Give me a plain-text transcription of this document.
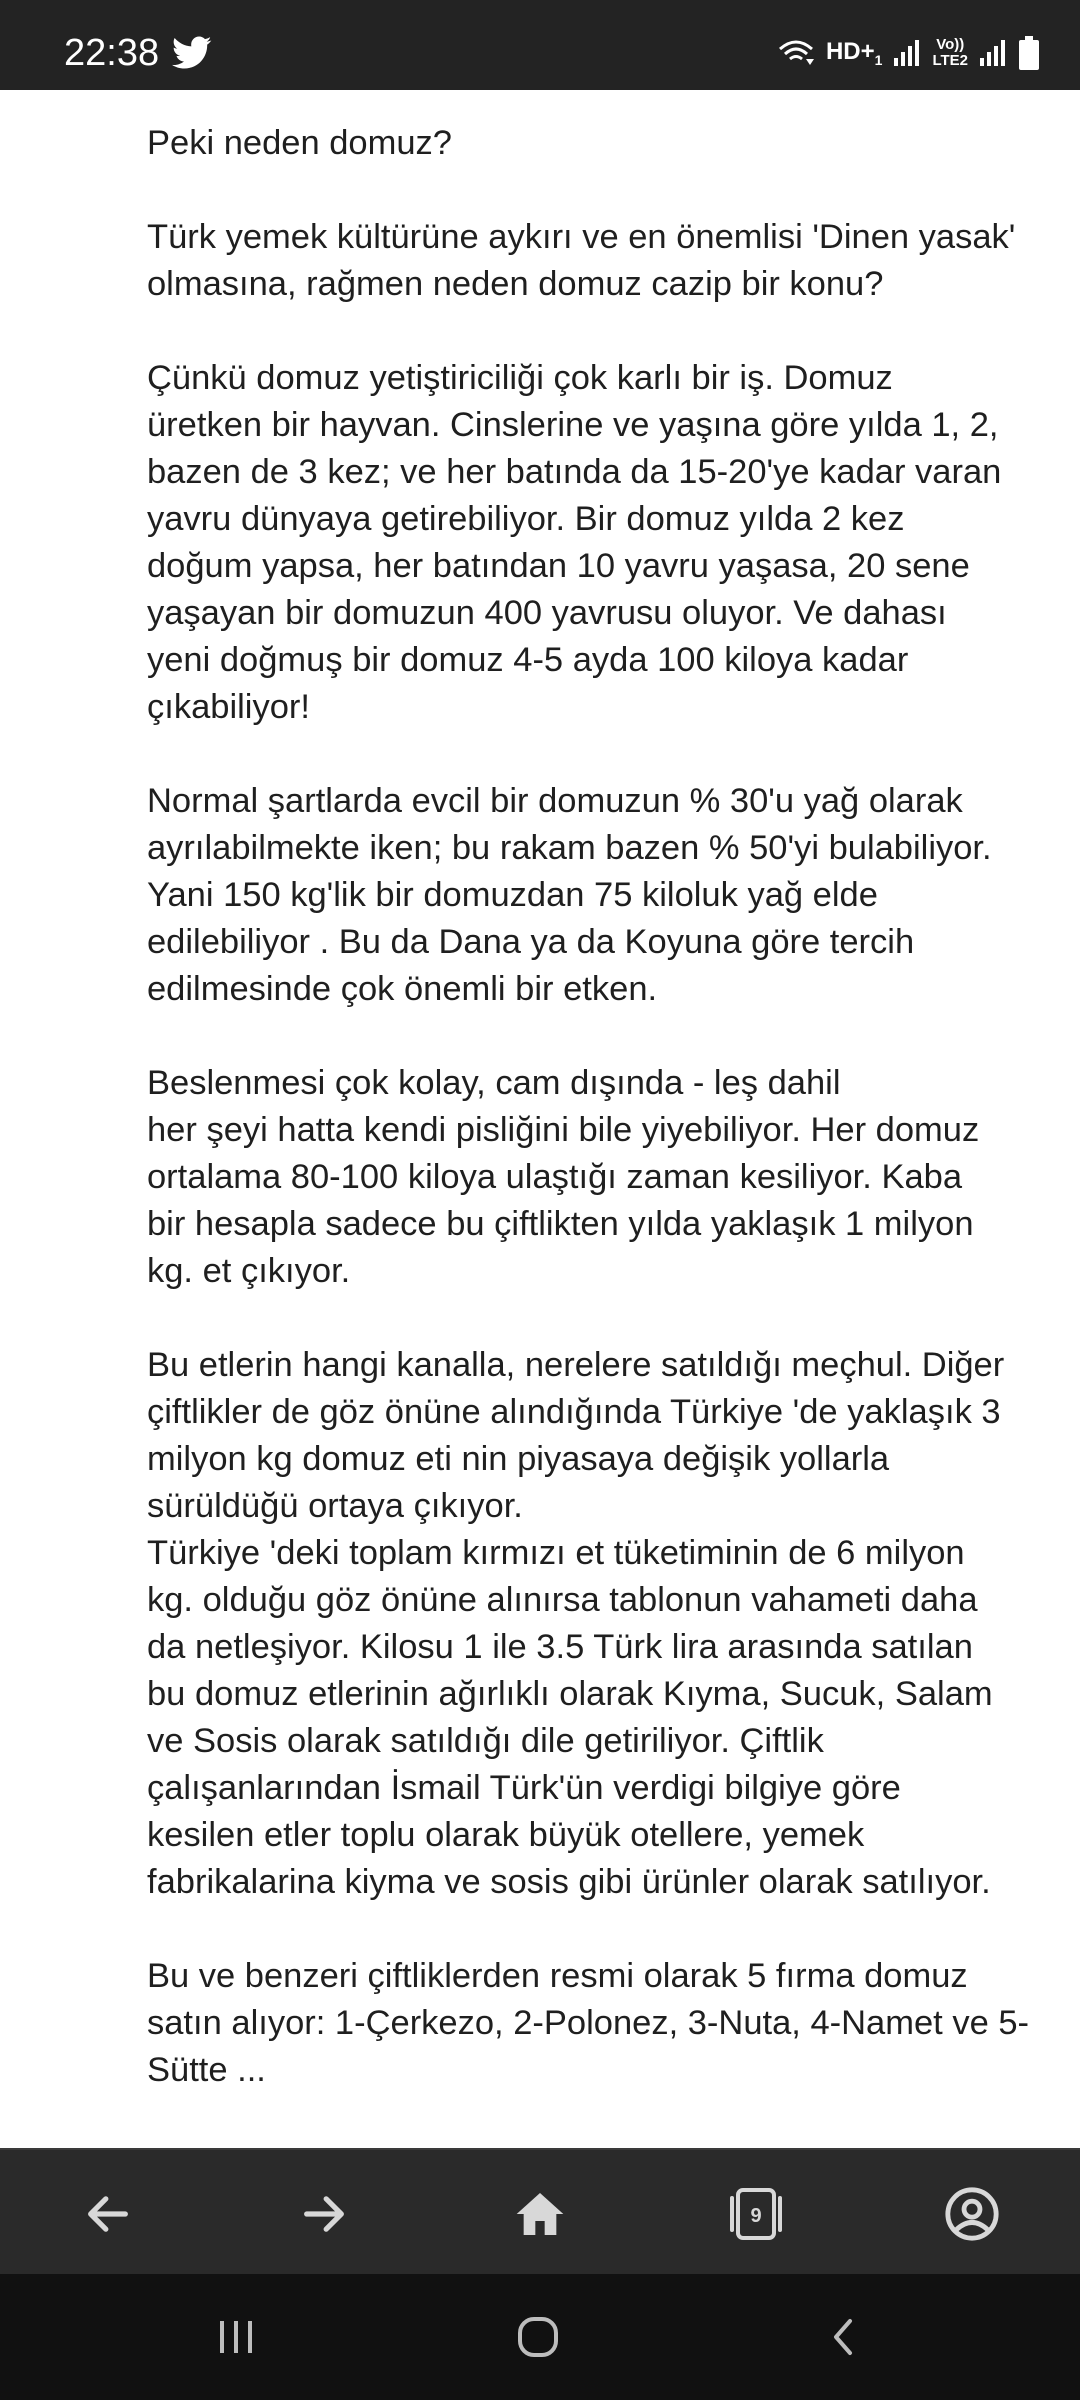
22:38	$HD+_1$
Vo))
LTE2

Peki neden domuz?

Türk yemek kültürüne aykırı ve en önemlisi 'Dinen yasak'
olmasına, rağmen neden domuz cazip bir konu?

Çünkü domuz yetiştiriciliği çok karlı bir iş. Domuz
üretken bir hayvan. Cinslerine ve yaşına göre yılda 1, 2,
bazen de 3 kez; ve her batında da 15-20'ye kadar varan
yavru dünyaya getirebiliyor. Bir domuz yılda 2 kez
doğum yapsa, her batından 10 yavru yaşasa, 20 sene
yaşayan bir domuzun 400 yavrusu oluyor. Ve dahası
yeni doğmuş bir domuz 4-5 ayda 100 kiloya kadar
çıkabiliyor!

Normal şartlarda evcil bir domuzun % 30'u yağ olarak
ayrılabilmekte iken; bu rakam bazen % 50'yi bulabiliyor.
Yani 150 kg'lik bir domuzdan 75 kiloluk yağ elde
edilebiliyor . Bu da Dana ya da Koyuna göre tercih
edilmesinde çok önemli bir etken.

Beslenmesi çok kolay, cam dışında - leş dahil
her şeyi hatta kendi pisliğini bile yiyebiliyor. Her domuz
ortalama 80-100 kiloya ulaştığı zaman kesiliyor. Kaba
bir hesapla sadece bu çiftlikten yılda yaklaşık 1 milyon
kg. et çıkıyor.

Bu etlerin hangi kanalla, nerelere satıldığı meçhul. Diğer
çiftlikler de göz önüne alındığında Türkiye 'de yaklaşık 3
milyon kg domuz eti nin piyasaya değişik yollarla
sürüldüğü ortaya çıkıyor.

Türkiye 'deki toplam kırmızı et tüketiminin de 6 milyon
kg. olduğu göz önüne alınırsa tablonun vahameti daha
da netleşiyor. Kilosu 1 ile 3.5 Türk lira arasında satılan
bu domuz etlerinin ağırlıklı olarak Kıyma, Sucuk, Salam
ve Sosis olarak satıldığı dile getiriliyor. Çiftlik
çalışanlarından İsmail Türk'ün verdigi bilgiye göre
kesilen etler toplu olarak büyük otellere, yemek
fabrikalarina kiyma ve sosis gibi ürünler olarak satılıyor.

Bu ve benzeri çiftliklerden resmi olarak 5 fırma domuz
satın alıyor: 1-Çerkezo, 2-Polonez, 3-Nuta, 4-Namet ve 5-
Sütte ...

9
